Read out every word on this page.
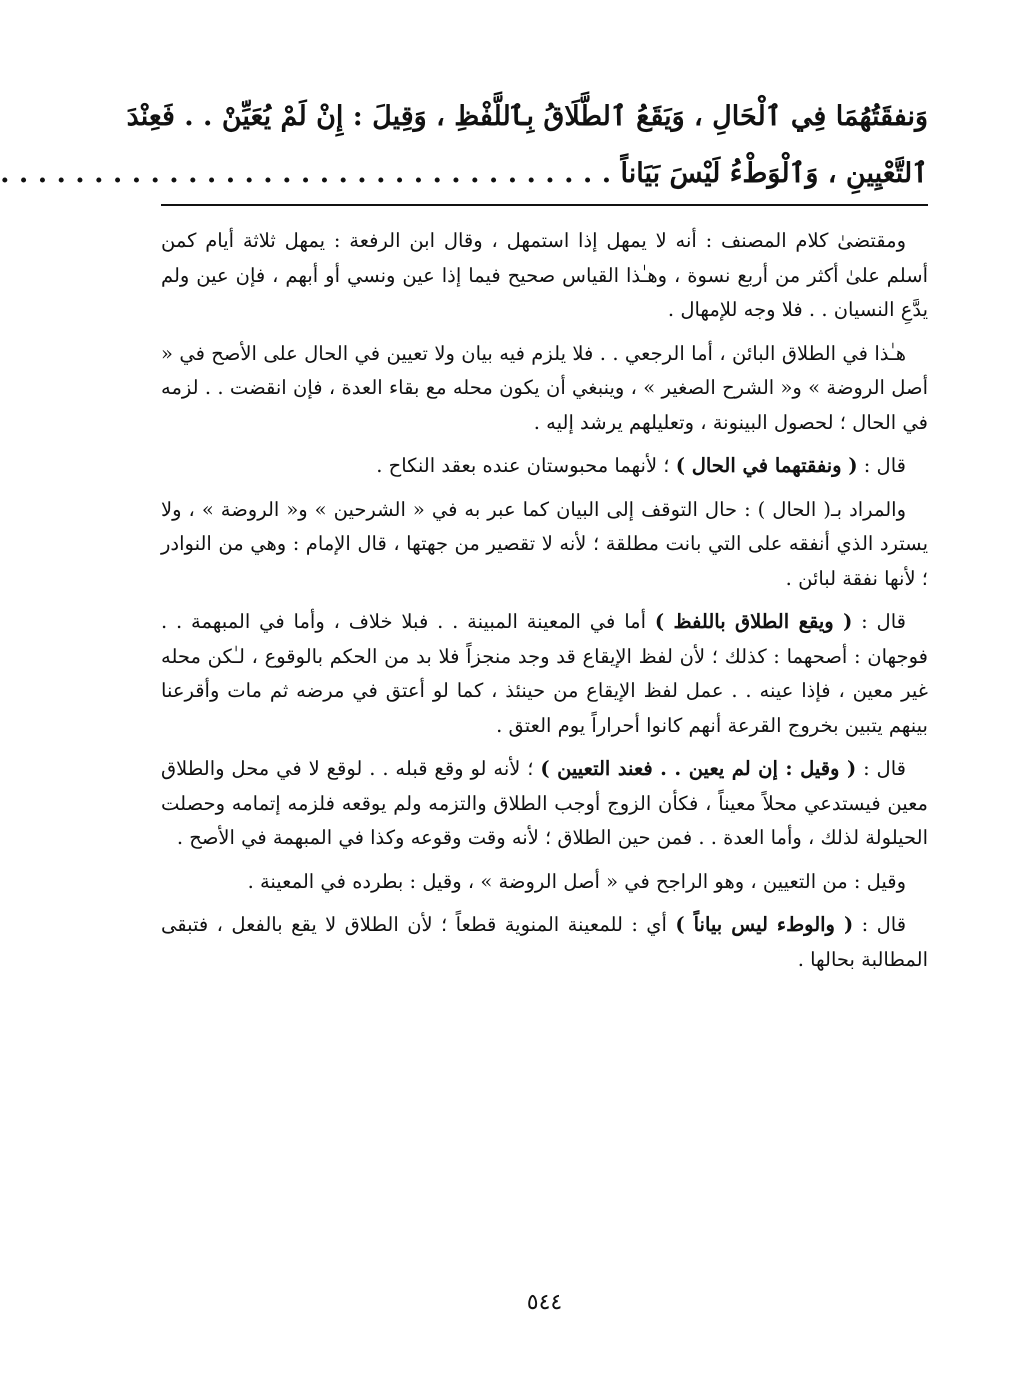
وَنفقَتُهُمَا فِي ٱلْحَالِ ، وَيَقَعُ ٱلطَّلَاقُ بِٱللَّفْظِ ، وَقِيلَ : إِنْ لَمْ يُعَيِّنْ . . فَعِنْدَ
ٱلتَّعْيِينِ ، وَٱلْوَطْءُ لَيْسَ بَيَاناً . . . . . . . . . . . . . . . . . . . . . . . . . . . . . . . . .

ومقتضىٰ كلام المصنف : أنه لا يمهل إذا استمهل ، وقال ابن الرفعة : يمهل ثلاثة أيام كمن أسلم علىٰ أكثر من أربع نسوة ، وهـٰذا القياس صحيح فيما إذا عين ونسي أو أبهم ، فإن عين ولم يدَّعِ النسيان . . فلا وجه للإمهال .

هـٰذا في الطلاق البائن ، أما الرجعي . . فلا يلزم فيه بيان ولا تعيين في الحال على الأصح في « أصل الروضة » و« الشرح الصغير » ، وينبغي أن يكون محله مع بقاء العدة ، فإن انقضت . . لزمه في الحال ؛ لحصول البينونة ، وتعليلهم يرشد إليه .

قال : ( ونفقتهما في الحال ) ؛ لأنهما محبوستان عنده بعقد النكاح .

والمراد بـ( الحال ) : حال التوقف إلى البيان كما عبر به في « الشرحين » و« الروضة » ، ولا يسترد الذي أنفقه على التي بانت مطلقة ؛ لأنه لا تقصير من جهتها ، قال الإمام : وهي من النوادر ؛ لأنها نفقة لبائن .

قال : ( ويقع الطلاق باللفظ ) أما في المعينة المبينة . . فبلا خلاف ، وأما في المبهمة . . فوجهان : أصحهما : كذلك ؛ لأن لفظ الإيقاع قد وجد منجزاً فلا بد من الحكم بالوقوع ، لـٰكن محله غير معين ، فإذا عينه . . عمل لفظ الإيقاع من حينئذ ، كما لو أعتق في مرضه ثم مات وأقرعنا بينهم يتبين بخروج القرعة أنهم كانوا أحراراً يوم العتق .

قال : ( وقيل : إن لم يعين . . فعند التعيين ) ؛ لأنه لو وقع قبله . . لوقع لا في محل والطلاق معين فيستدعي محلاً معيناً ، فكأن الزوج أوجب الطلاق والتزمه ولم يوقعه فلزمه إتمامه وحصلت الحيلولة لذلك ، وأما العدة . . فمن حين الطلاق ؛ لأنه وقت وقوعه وكذا في المبهمة في الأصح .

وقيل : من التعيين ، وهو الراجح في « أصل الروضة » ، وقيل : بطرده في المعينة .

قال : ( والوطء ليس بياناً ) أي : للمعينة المنوية قطعاً ؛ لأن الطلاق لا يقع بالفعل ، فتبقى المطالبة بحالها .

٥٤٤
